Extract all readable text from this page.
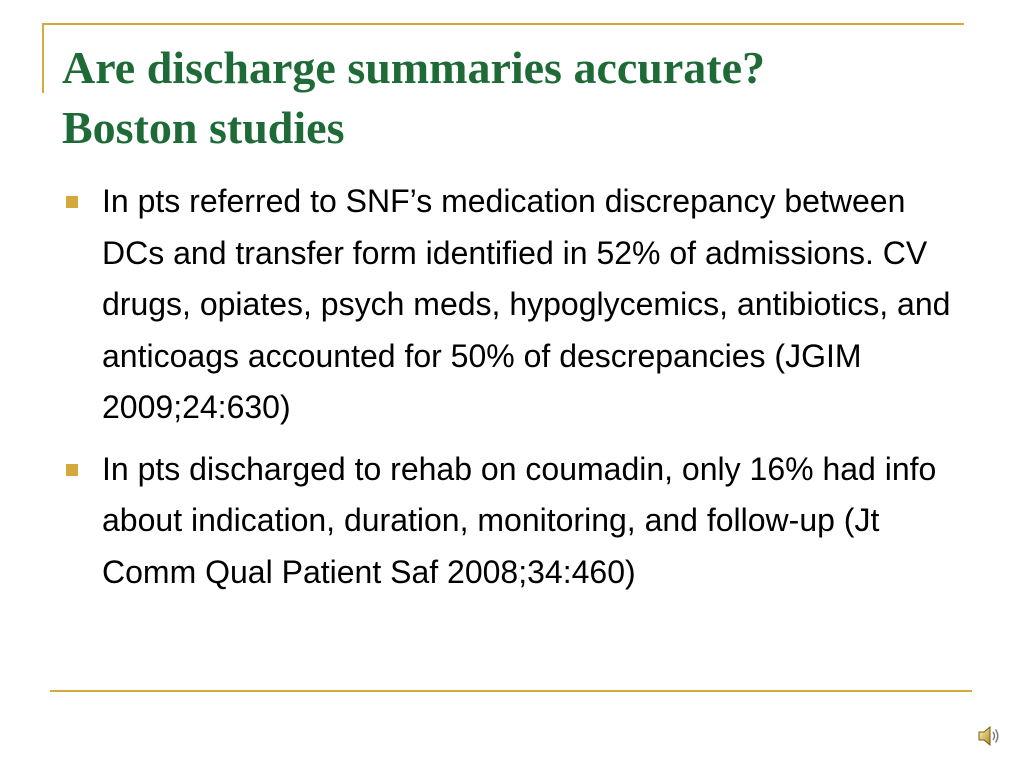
Are discharge summaries accurate?
Boston studies
In pts referred to SNF’s medication discrepancy between DCs and transfer form identified in 52% of admissions. CV drugs, opiates, psych meds, hypoglycemics, antibiotics, and anticoags accounted for 50% of descrepancies (JGIM 2009;24:630)
In pts discharged to rehab on coumadin, only 16% had info about indication, duration, monitoring, and follow-up (Jt Comm Qual Patient Saf 2008;34:460)
